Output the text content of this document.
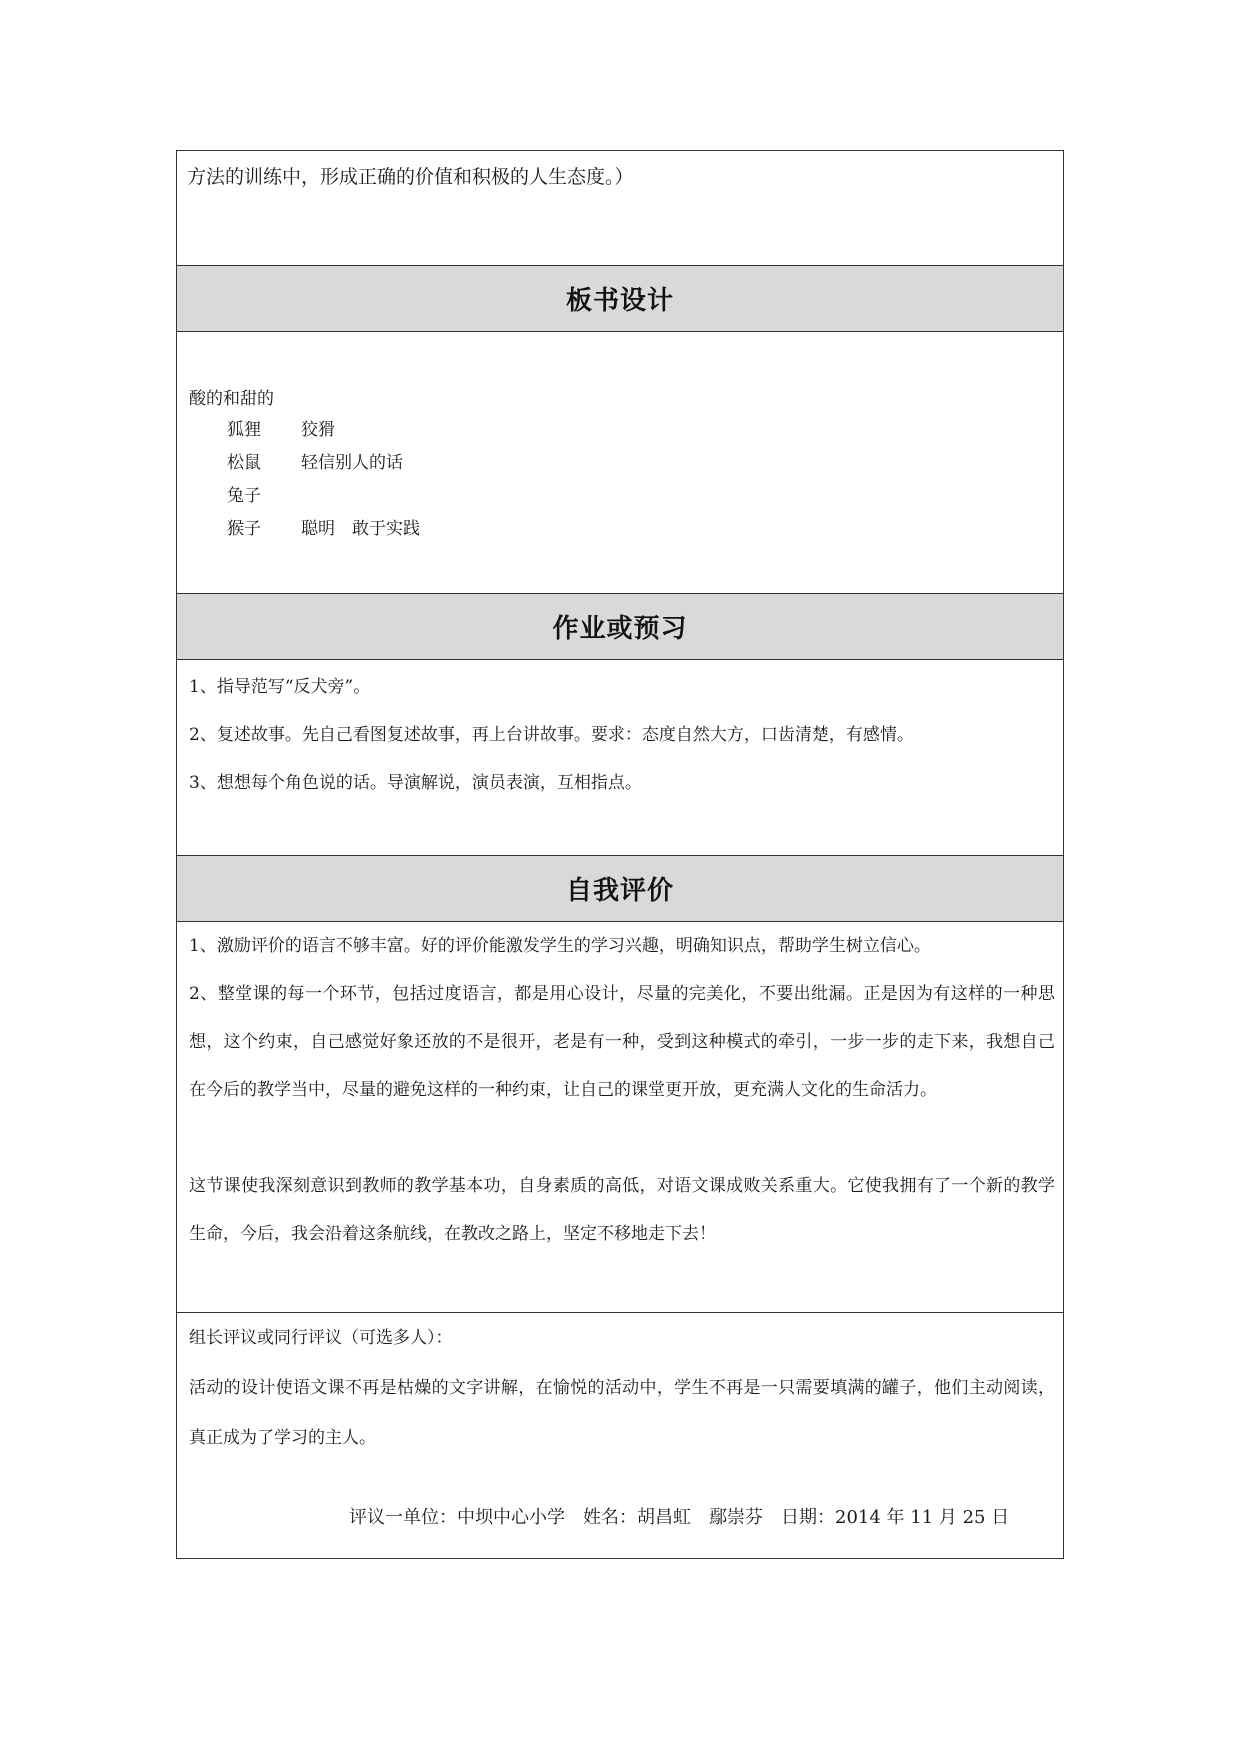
方法的训练中，形成正确的价值和积极的人生态度。）
板书设计
酸的和甜的
狐狸	狡猾
松鼠	轻信别人的话
兔子
猴子	聪明　敢于实践
作业或预习
1、指导范写“反犬旁”。
2、复述故事。先自己看图复述故事，再上台讲故事。要求：态度自然大方，口齿清楚，有感情。
3、想想每个角色说的话。导演解说，演员表演，互相指点。
自我评价
1、激励评价的语言不够丰富。好的评价能激发学生的学习兴趣，明确知识点，帮助学生树立信心。
2、整堂课的每一个环节，包括过度语言，都是用心设计，尽量的完美化，不要出纰漏。正是因为有这样的一种思想，这个约束，自己感觉好象还放的不是很开，老是有一种，受到这种模式的牵引，一步一步的走下来，我想自己在今后的教学当中，尽量的避免这样的一种约束，让自己的课堂更开放，更充满人文化的生命活力。
这节课使我深刻意识到教师的教学基本功，自身素质的高低，对语文课成败关系重大。它使我拥有了一个新的教学生命，今后，我会沿着这条航线，在教改之路上，坚定不移地走下去！
组长评议或同行评议（可选多人）：
活动的设计使语文课不再是枯燥的文字讲解，在愉悦的活动中，学生不再是一只需要填满的罐子，他们主动阅读，真正成为了学习的主人。
评议一单位：中坝中心小学　姓名：胡昌虹　鄢崇芬　日期：2014 年 11 月 25 日
